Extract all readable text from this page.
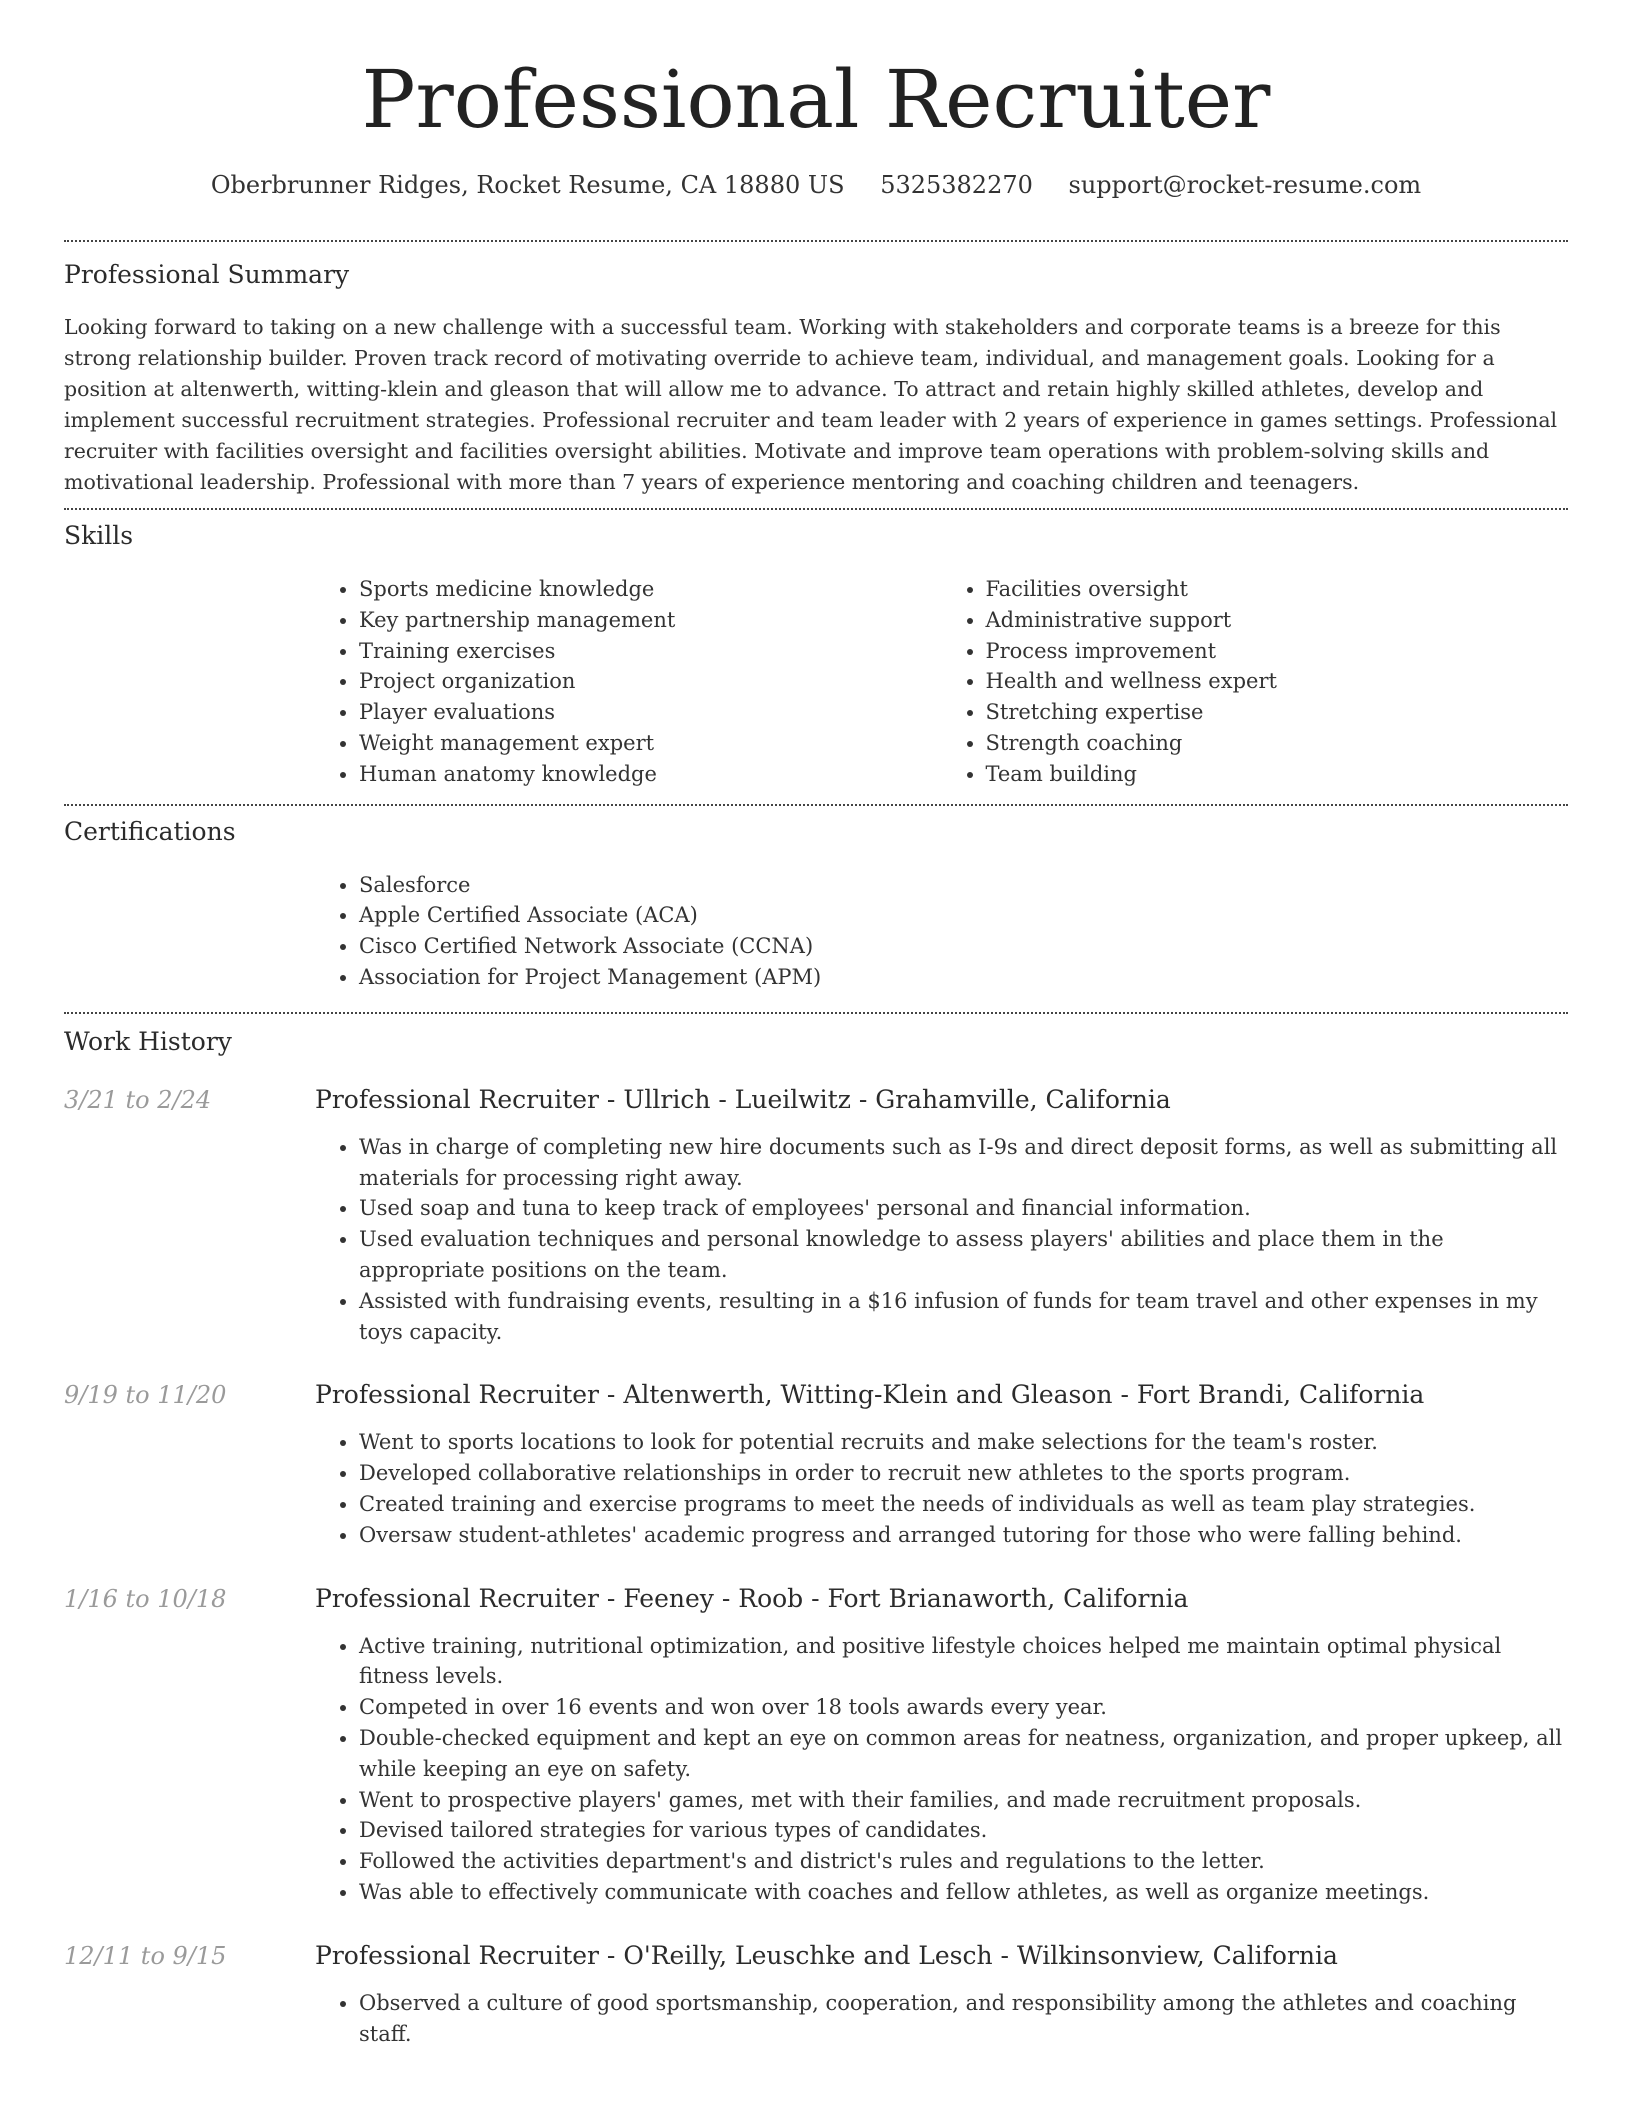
Professional Recruiter
Oberbrunner Ridges, Rocket Resume, CA 18880 US 5325382270 support@rocket-resume.com
Professional Summary

Looking forward to taking on a new challenge with a successful team. Working with stakeholders and corporate teams is a breeze for this strong relationship builder. Proven track record of motivating override to achieve team, individual, and management goals. Looking for a position at altenwerth, witting-klein and gleason that will allow me to advance. To attract and retain highly skilled athletes, develop and implement successful recruitment strategies. Professional recruiter and team leader with 2 years of experience in games settings. Professional recruiter with facilities oversight and facilities oversight abilities. Motivate and improve team operations with problem-solving skills and motivational leadership. Professional with more than 7 years of experience mentoring and coaching children and teenagers.

Skills
• Sports medicine knowledge
• Key partnership management
• Training exercises
• Project organization
• Player evaluations
• Weight management expert
• Human anatomy knowledge
• Facilities oversight
• Administrative support
• Process improvement
• Health and wellness expert
• Stretching expertise
• Strength coaching
• Team building
Certifications
• Salesforce
• Apple Certified Associate (ACA)
• Cisco Certified Network Associate (CCNA)
• Association for Project Management (APM)
Work History
3/21 to 2/24	Professional Recruiter - Ullrich - Lueilwitz - Grahamville, California
• Was in charge of completing new hire documents such as I-9s and direct deposit forms, as well as submitting all materials for processing right away.
• Used soap and tuna to keep track of employees' personal and financial information.
• Used evaluation techniques and personal knowledge to assess players' abilities and place them in the appropriate positions on the team.
• Assisted with fundraising events, resulting in a $16 infusion of funds for team travel and other expenses in my toys capacity.
9/19 to 11/20	Professional Recruiter - Altenwerth, Witting-Klein and Gleason - Fort Brandi, California
• Went to sports locations to look for potential recruits and make selections for the team's roster.
• Developed collaborative relationships in order to recruit new athletes to the sports program.
• Created training and exercise programs to meet the needs of individuals as well as team play strategies.
• Oversaw student-athletes' academic progress and arranged tutoring for those who were falling behind.
1/16 to 10/18	Professional Recruiter - Feeney - Roob - Fort Brianaworth, California
• Active training, nutritional optimization, and positive lifestyle choices helped me maintain optimal physical fitness levels.
• Competed in over 16 events and won over 18 tools awards every year.
• Double-checked equipment and kept an eye on common areas for neatness, organization, and proper upkeep, all while keeping an eye on safety.
• Went to prospective players' games, met with their families, and made recruitment proposals.
• Devised tailored strategies for various types of candidates.
• Followed the activities department's and district's rules and regulations to the letter.
• Was able to effectively communicate with coaches and fellow athletes, as well as organize meetings.
12/11 to 9/15	Professional Recruiter - O'Reilly, Leuschke and Lesch - Wilkinsonview, California
• Observed a culture of good sportsmanship, cooperation, and responsibility among the athletes and coaching staff.
